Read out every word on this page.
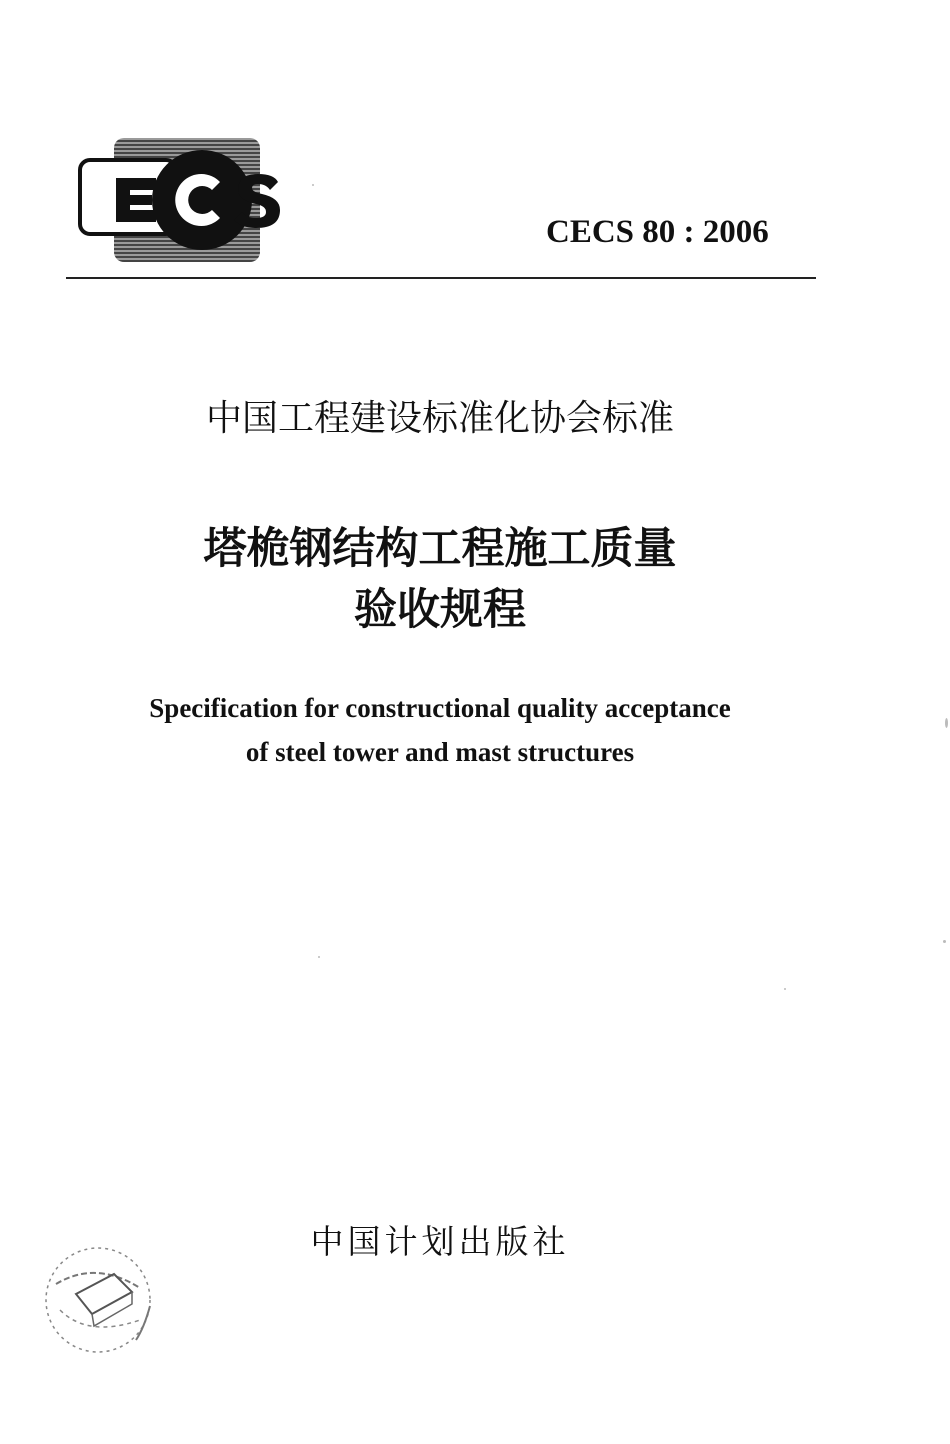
CECS 80 : 2006
中国工程建设标准化协会标准
塔桅钢结构工程施工质量
验收规程
Specification for constructional quality acceptance
of steel tower and mast structures
中国计划出版社
